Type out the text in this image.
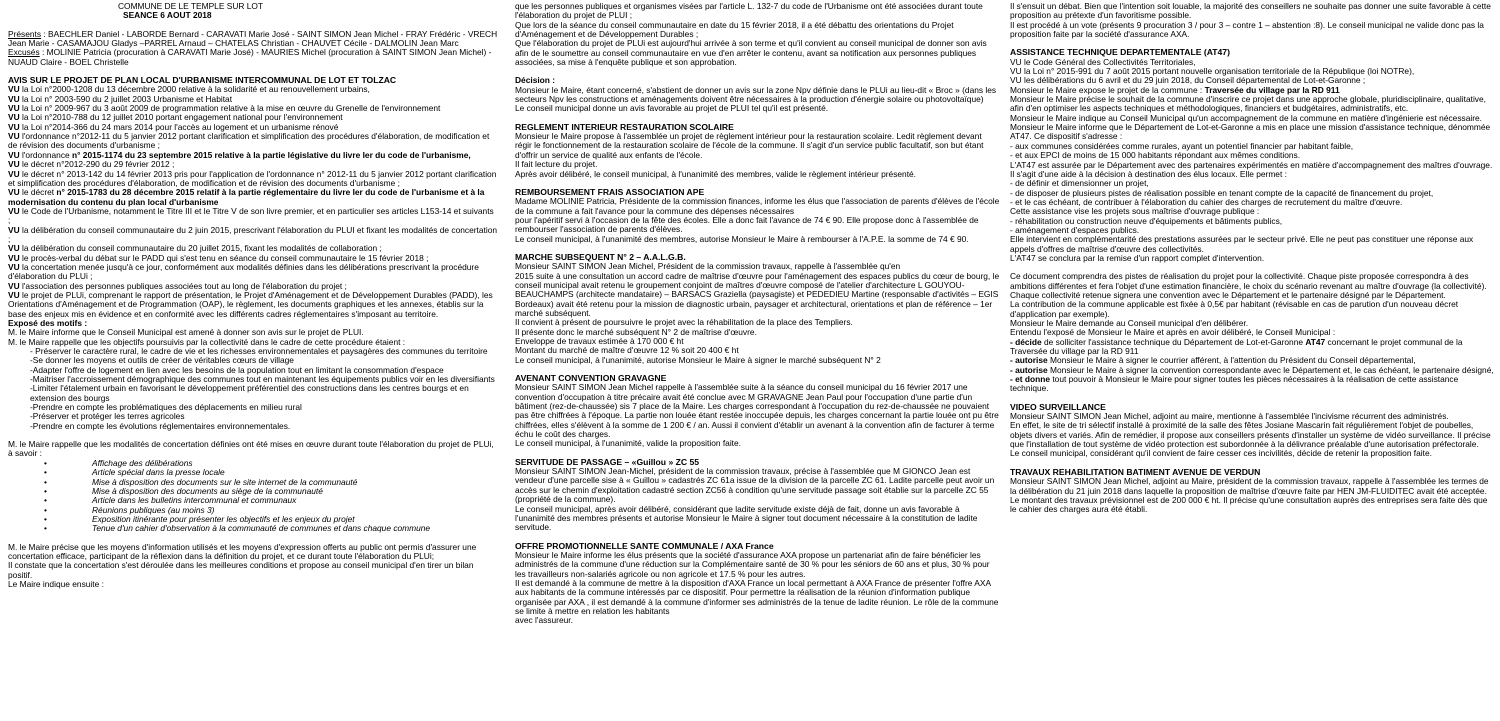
COMMUNE DE LE TEMPLE SUR LOT

SEANCE 6 AOUT 2018

Présents : BAECHLER Daniel - LABORDE Bernard - CARAVATI Marie José - SAINT SIMON Jean Michel - FRAY Frédéric - VRECH Jean Marie - CASAMAJOU Gladys –PARREL Arnaud – CHATELAS Christian - CHAUVET Cécile - DALMOLIN Jean Marc

Excusés : MOLINIE Patricia (procuration à CARAVATI Marie José) - MAURIES Michel (procuration à SAINT SIMON Jean Michel) - NUAUD Claire - BOEL Christelle

AVIS SUR LE PROJET DE PLAN LOCAL D'URBANISME INTERCOMMUNAL DE LOT ET TOLZAC

VU la Loi n°2000-1208 du 13 décembre 2000 relative à la solidarité et au renouvellement urbains,

VU la Loi n° 2003-590 du 2 juillet 2003 Urbanisme et Habitat

VU la Loi n° 2009-967 du 3 août 2009 de programmation relative à la mise en œuvre du Grenelle de l'environnement

VU la Loi n°2010-788 du 12 juillet 2010 portant engagement national pour l'environnement

VU la Loi n°2014-366 du 24 mars 2014 pour l'accès au logement et un urbanisme rénové

VU l'ordonnance n°2012-11 du 5 janvier 2012 portant clarification et simplification des procédures d'élaboration, de modification et de révision des documents d'urbanisme ;

VU l'ordonnance n° 2015-1174 du 23 septembre 2015 relative à la partie législative du livre Ier du code de l'urbanisme,

VU le décret n°2012-290 du 29 février 2012 ;

VU le décret n° 2013-142 du 14 février 2013 pris pour l'application de l'ordonnance n° 2012-11 du 5 janvier 2012 portant clarification et simplification des procédures d'élaboration, de modification et de révision des documents d'urbanisme ;

VU le décret n° 2015-1783 du 28 décembre 2015 relatif à la partie réglementaire du livre Ier du code de l'urbanisme et à la modernisation du contenu du plan local d'urbanisme

VU le Code de l'Urbanisme, notamment le Titre III et le Titre V de son livre premier, et en particulier ses articles L153-14 et suivants ;

VU la délibération du conseil communautaire du 2 juin 2015, prescrivant l'élaboration du PLUI et fixant les modalités de concertation ;

VU la délibération du conseil communautaire du 20 juillet 2015, fixant les modalités de collaboration ;

VU le procès-verbal du débat sur le PADD qui s'est tenu en séance du conseil communautaire le 15 février 2018 ;

VU la concertation menée jusqu'à ce jour, conformément aux modalités définies dans les délibérations prescrivant la procédure d'élaboration du PLUi ;

VU l'association des personnes publiques associées tout au long de l'élaboration du projet ;

VU le projet de PLUi, comprenant le rapport de présentation, le Projet d'Aménagement et de Développement Durables (PADD), les Orientations d'Aménagement et de Programmation (OAP), le règlement, les documents graphiques et les annexes, établis sur la base des enjeux mis en évidence et en conformité avec les différents cadres réglementaires s'imposant au territoire.

Exposé des motifs :

M. le Maire informe que le Conseil Municipal est amené à donner son avis sur le projet de PLUI.

M. le Maire rappelle que les objectifs poursuivis par la collectivité dans le cadre de cette procédure étaient :

- Préserver le caractère rural, le cadre de vie et les richesses environnementales et paysagères des communes du territoire

-Se donner les moyens et outils de créer de véritables cœurs de village

-Adapter l'offre de logement en lien avec les besoins de la population tout en limitant la consommation d'espace

-Maitriser l'accroissement démographique des communes tout en maintenant les équipements publics voir en les diversifiants

-Limiter l'étalement urbain en favorisant le développement préférentiel des constructions dans les centres bourgs et en extension des bourgs

-Prendre en compte les problématiques des déplacements en milieu rural

-Préserver et protéger les terres agricoles

-Prendre en compte les évolutions réglementaires environnementales.

M. le Maire rappelle que les modalités de concertation définies ont été mises en œuvre durant toute l'élaboration du projet de PLUi, à savoir :

• Affichage des délibérations
• Article spécial dans la presse locale
• Mise à disposition des documents sur le site internet de la communauté
• Mise à disposition des documents au siège de la communauté
• Article dans les bulletins intercommunal et communaux
• Réunions publiques (au moins 3)
• Exposition itinérante pour présenter les objectifs et les enjeux du projet
• Tenue d'un cahier d'observation à la communauté de communes et dans chaque commune

M. le Maire précise que les moyens d'information utilisés et les moyens d'expression offerts au public ont permis d'assurer une concertation efficace, participant de la réflexion dans la définition du projet, et ce durant toute l'élaboration du PLUi;

Il constate que la concertation s'est déroulée dans les meilleures conditions et propose au conseil municipal d'en tirer un bilan positif.

Le Maire indique ensuite :

que les personnes publiques et organismes visées par l'article L. 132-7 du code de l'Urbanisme ont été associées durant toute l'élaboration du projet de PLUI ;

Que lors de la séance du conseil communautaire en date du 15 février 2018, il a été débattu des orientations du Projet d'Aménagement et de Développement Durables ;

Que l'élaboration du projet de PLUi est aujourd'hui arrivée à son terme et qu'il convient au conseil municipal de donner son avis afin de le soumettre au conseil communautaire en vue d'en arrêter le contenu, avant sa notification aux personnes publiques associées, sa mise à l'enquête publique et son approbation.

Décision :

Monsieur le Maire, étant concerné, s'abstient de donner un avis sur la zone Npv définie dans le PLUi au lieu-dit « Broc » (dans les secteurs Npv les constructions et aménagements doivent être nécessaires à la production d'énergie solaire ou photovoltaïque)

Le conseil municipal donne un avis favorable au projet de PLUI tel qu'il est présenté.

REGLEMENT INTERIEUR RESTAURATION SCOLAIRE

Monsieur le Maire propose à l'assemblée un projet de règlement intérieur pour la restauration scolaire. Ledit règlement devant régir le fonctionnement de la restauration scolaire de l'école de la commune. Il s'agit d'un service public facultatif, son but étant d'offrir un service de qualité aux enfants de l'école.

Il fait lecture du projet.

Après avoir délibéré, le conseil municipal, à l'unanimité des membres, valide le règlement intérieur présenté.

REMBOURSEMENT FRAIS ASSOCIATION APE

Madame MOLINIE Patricia, Présidente de la commission finances, informe les élus que l'association de parents d'élèves de l'école de la commune a fait l'avance pour la commune des dépenses nécessaires

pour l'apéritif servi à l'occasion de la fête des écoles. Elle a donc fait l'avance de 74 € 90. Elle propose donc à l'assemblée de rembourser l'association de parents d'élèves.

Le conseil municipal, à l'unanimité des membres, autorise Monsieur le Maire à rembourser à l'A.P.E. la somme de 74 € 90.

MARCHE SUBSEQUENT N° 2 – A.A.L.G.B.

Monsieur SAINT SIMON Jean Michel, Président de la commission travaux, rappelle à l'assemblée qu'en

2015 suite à une consultation un accord cadre de maîtrise d'œuvre pour l'aménagement des espaces publics du cœur de bourg, le conseil municipal avait retenu le groupement conjoint de maîtres d'œuvre composé de l'atelier d'architecture L GOUYOU-BEAUCHAMPS (architecte mandataire) – BARSACS Graziella (paysagiste) et PEDEDIEU Martine (responsable d'activités – EGIS Bordeaux) avait été retenu pour la mission de diagnostic urbain, paysager et architectural, orientations et plan de référence – 1er marché subséquent.

Il convient à présent de poursuivre le projet avec la réhabilitation de la place des Templiers.

Il présente donc le marché subséquent N° 2 de maîtrise d'œuvre.

Enveloppe de travaux estimée à 170 000 € ht

Montant du marché de maître d'œuvre 12 % soit 20 400 € ht

Le conseil municipal, à l'unanimité, autorise Monsieur le Maire à signer le marché subséquent N° 2

AVENANT CONVENTION GRAVAGNE

Monsieur SAINT SIMON Jean Michel rappelle à l'assemblée suite à la séance du conseil municipal du 16 février 2017 une convention d'occupation à titre précaire avait été conclue avec M GRAVAGNE Jean Paul pour l'occupation d'une partie d'un bâtiment (rez-de-chaussée) sis 7 place de la Maire. Les charges correspondant à l'occupation du rez-de-chaussée ne pouvaient pas être chiffrées à l'époque. La partie non louée étant restée inoccupée depuis, les charges concernant la partie louée ont pu être chiffrées, elles s'élèvent à la somme de 1 200 € / an. Aussi il convient d'établir un avenant à la convention afin de facturer à terme échu le coût des charges.

Le conseil municipal, à l'unanimité, valide la proposition faite.

SERVITUDE DE PASSAGE – «Guillou » ZC 55

Monsieur SAINT SIMON Jean-Michel, président de la commission travaux, précise à l'assemblée que M GIONCO Jean est vendeur d'une parcelle sise à « Guillou » cadastrés ZC 61a issue de la division de la parcelle ZC 61. Ladite parcelle peut avoir un accès sur le chemin d'exploitation cadastré section ZC56 à condition qu'une servitude passage soit établie sur la parcelle ZC 55 (propriété de la commune).

Le conseil municipal, après avoir délibéré, considérant que ladite servitude existe déjà de fait, donne un avis favorable à l'unanimité des membres présents et autorise Monsieur le Maire à signer tout document nécessaire à la constitution de ladite servitude.

OFFRE PROMOTIONNELLE SANTE COMMUNALE / AXA France

Monsieur le Maire informe les élus présents que la société d'assurance AXA propose un partenariat afin de faire bénéficier les administrés de la commune d'une réduction sur la Complémentaire santé de 30 % pour les séniors de 60 ans et plus, 30 % pour les travailleurs non-salariés agricole ou non agricole et 17.5 % pour les autres.

Il est demandé à la commune de mettre à la disposition d'AXA France un local permettant à AXA France de présenter l'offre AXA aux habitants de la commune intéressés par ce dispositif. Pour permettre la réalisation de la réunion d'information publique organisée par AXA , il est demandé à la commune d'informer ses administrés de la tenue de ladite réunion. Le rôle de la commune se limite à mettre en relation les habitants

avec l'assureur.

Il s'ensuit un débat. Bien que l'intention soit louable, la majorité des conseillers ne souhaite pas donner une suite favorable à cette proposition au prétexte d'un favoritisme possible.

Il est procédé à un vote (présents 9 procuration 3 / pour 3 – contre 1 – abstention :8). Le conseil municipal ne valide donc pas la proposition faite par la société d'assurance AXA.

ASSISTANCE TECHNIQUE DEPARTEMENTALE (AT47)

VU le Code Général des Collectivités Territoriales,

VU la Loi n° 2015-991 du 7 août 2015 portant nouvelle organisation territoriale de la République (loi NOTRe),

VU les délibérations du 6 avril et du 29 juin 2018, du Conseil départemental de Lot-et-Garonne ;

Monsieur le Maire expose le projet de la commune : Traversée du village par la RD 911

Monsieur le Maire précise le souhait de la commune d'inscrire ce projet dans une approche globale, pluridisciplinaire, qualitative, afin d'en optimiser les aspects techniques et méthodologiques, financiers et budgétaires, administratifs, etc.

Monsieur le Maire indique au Conseil Municipal qu'un accompagnement de la commune en matière d'ingénierie est nécessaire.

Monsieur le Maire informe que le Département de Lot-et-Garonne a mis en place une mission d'assistance technique, dénommée AT47. Ce dispositif s'adresse :

- aux communes considérées comme rurales, ayant un potentiel financier par habitant faible,

- et aux EPCI de moins de 15 000 habitants répondant aux mêmes conditions.

L'AT47 est assurée par le Département avec des partenaires expérimentés en matière d'accompagnement des maîtres d'ouvrage.

Il s'agit d'une aide à la décision à destination des élus locaux. Elle permet :

- de définir et dimensionner un projet,

- de disposer de plusieurs pistes de réalisation possible en tenant compte de la capacité de financement du projet,

- et le cas échéant, de contribuer à l'élaboration du cahier des charges de recrutement du maître d'œuvre.

Cette assistance vise les projets sous maîtrise d'ouvrage publique :

- réhabilitation ou construction neuve d'équipements et bâtiments publics,

- aménagement d'espaces publics.

Elle intervient en complémentarité des prestations assurées par le secteur privé. Elle ne peut pas constituer une réponse aux appels d'offres de maîtrise d'œuvre des collectivités.

L'AT47 se conclura par la remise d'un rapport complet d'intervention.

Ce document comprendra des pistes de réalisation du projet pour la collectivité. Chaque piste proposée correspondra à des ambitions différentes et fera l'objet d'une estimation financière, le choix du scénario revenant au maître d'ouvrage (la collectivité).

Chaque collectivité retenue signera une convention avec le Département et le partenaire désigné par le Département.

La contribution de la commune applicable est fixée à 0,5€ par habitant (révisable en cas de parution d'un nouveau décret d'application par exemple).

Monsieur le Maire demande au Conseil municipal d'en délibérer.

Entendu l'exposé de Monsieur le Maire et après en avoir délibéré, le Conseil Municipal :

- décide de solliciter l'assistance technique du Département de Lot-et-Garonne AT47 concernant le projet communal de la

Traversée du village par la RD 911

- autorise Monsieur le Maire à signer le courrier afférent, à l'attention du Président du Conseil départemental,

- autorise Monsieur le Maire à signer la convention correspondante avec le Département et, le cas échéant, le partenaire désigné,

- et donne tout pouvoir à Monsieur le Maire pour signer toutes les pièces nécessaires à la réalisation de cette assistance technique.

VIDEO SURVEILLANCE

Monsieur SAINT SIMON Jean Michel, adjoint au maire, mentionne à l'assemblée l'incivisme récurrent des administrés.

En effet, le site de tri sélectif installé à proximité de la salle des fêtes Josiane Mascarin fait régulièrement l'objet de poubelles, objets divers et variés. Afin de remédier, il propose aux conseillers présents d'installer un système de vidéo surveillance. Il précise que l'installation de tout système de vidéo protection est subordonnée à la délivrance préalable d'une autorisation préfectorale.

Le conseil municipal, considérant qu'il convient de faire cesser ces incivilités, décide de retenir la proposition faite.

TRAVAUX REHABILITATION BATIMENT AVENUE DE VERDUN

Monsieur SAINT SIMON Jean Michel, adjoint au Maire, président de la commission travaux, rappelle à l'assemblée les termes de la délibération du 21 juin 2018 dans laquelle la proposition de maîtrise d'œuvre faite par HEN JM-FLUIDITEC avait été acceptée. Le montant des travaux prévisionnel est de 200 000 € ht. Il précise qu'une consultation auprès des entreprises sera faite dès que le cahier des charges aura été établi.
